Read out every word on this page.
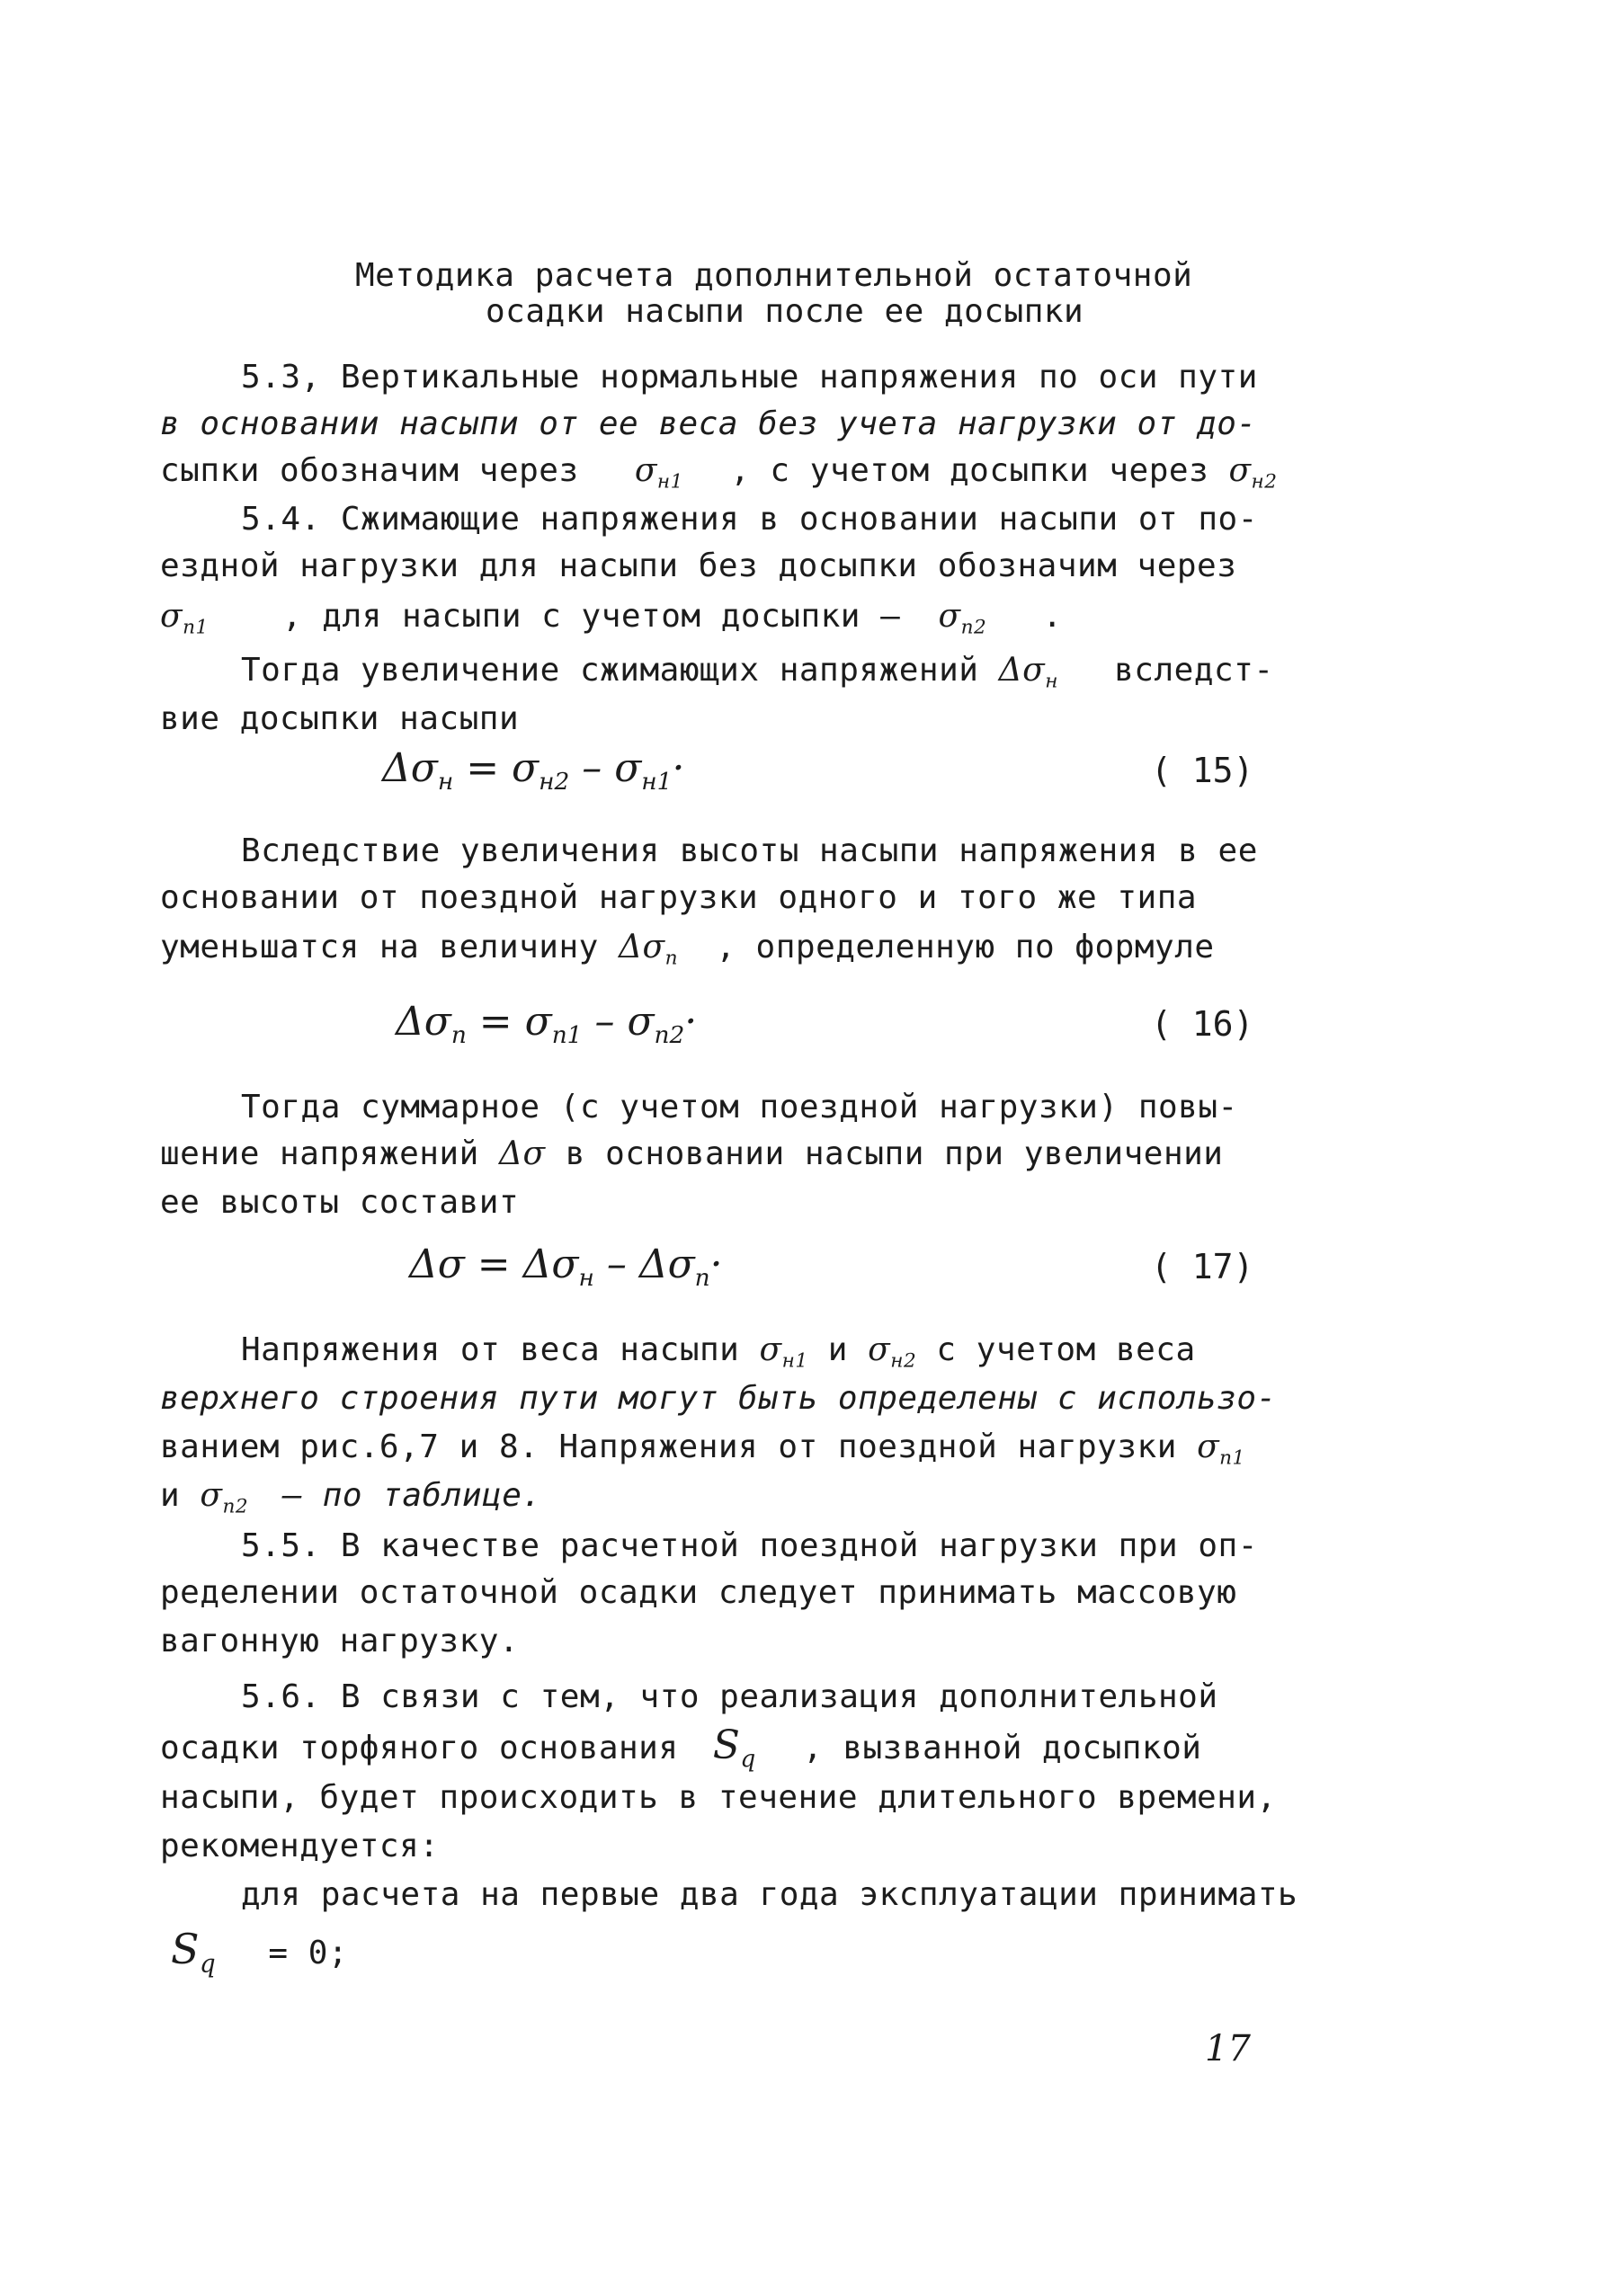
Методика расчета дополнительной остаточной
осадки насыпи после ее досыпки
5.3, Вертикальные нормальные напряжения по оси пути
в основании насыпи от ее веса без учета нагрузки от до-
сыпки обозначим через $\sigma_{н1}$ , с учетом досыпки через $\sigma_{н2}$
5.4. Сжимающие напряжения в основании насыпи от по-
ездной нагрузки для насыпи без досыпки обозначим через
$\sigma_{п1}$ , для насыпи с учетом досыпки – $\sigma_{п2}$ .
Тогда увеличение сжимающих напряжений $\Delta\sigma_н$ вследст-
вие досыпки насыпи
$\Delta\sigma_н = \sigma_{н2} - \sigma_{н1}\cdot$	( 15)
Вследствие увеличения высоты насыпи напряжения в ее
основании от поездной нагрузки одного и того же типа
уменьшатся на величину $\Delta\sigma_п$ , определенную по формуле
$\Delta\sigma_п = \sigma_{п1} - \sigma_{п2}\cdot$	( 16)
Тогда суммарное (с учетом поездной нагрузки) повы-
шение напряжений Δσ в основании насыпи при увеличении
ее высоты составит
$\Delta\sigma = \Delta\sigma_н - \Delta\sigma_п\cdot$	( 17)
Напряжения от веса насыпи $\sigma_{н1}$ и $\sigma_{н2}$ с учетом веса
верхнего строения пути могут быть определены с использо-
ванием рис.6,7 и 8. Напряжения от поездной нагрузки $\sigma_{п1}$
и $\sigma_{п2}$ – по таблице.
5.5. В качестве расчетной поездной нагрузки при оп-
ределении остаточной осадки следует принимать массовую
вагонную нагрузку.
5.6. В связи с тем, что реализация дополнительной
осадки торфяного основания $S_q$ , вызванной досыпкой
насыпи, будет происходить в течение длительного времени,
рекомендуется:
для расчета на первые два года эксплуатации принимать
$S_q = 0$;
17
